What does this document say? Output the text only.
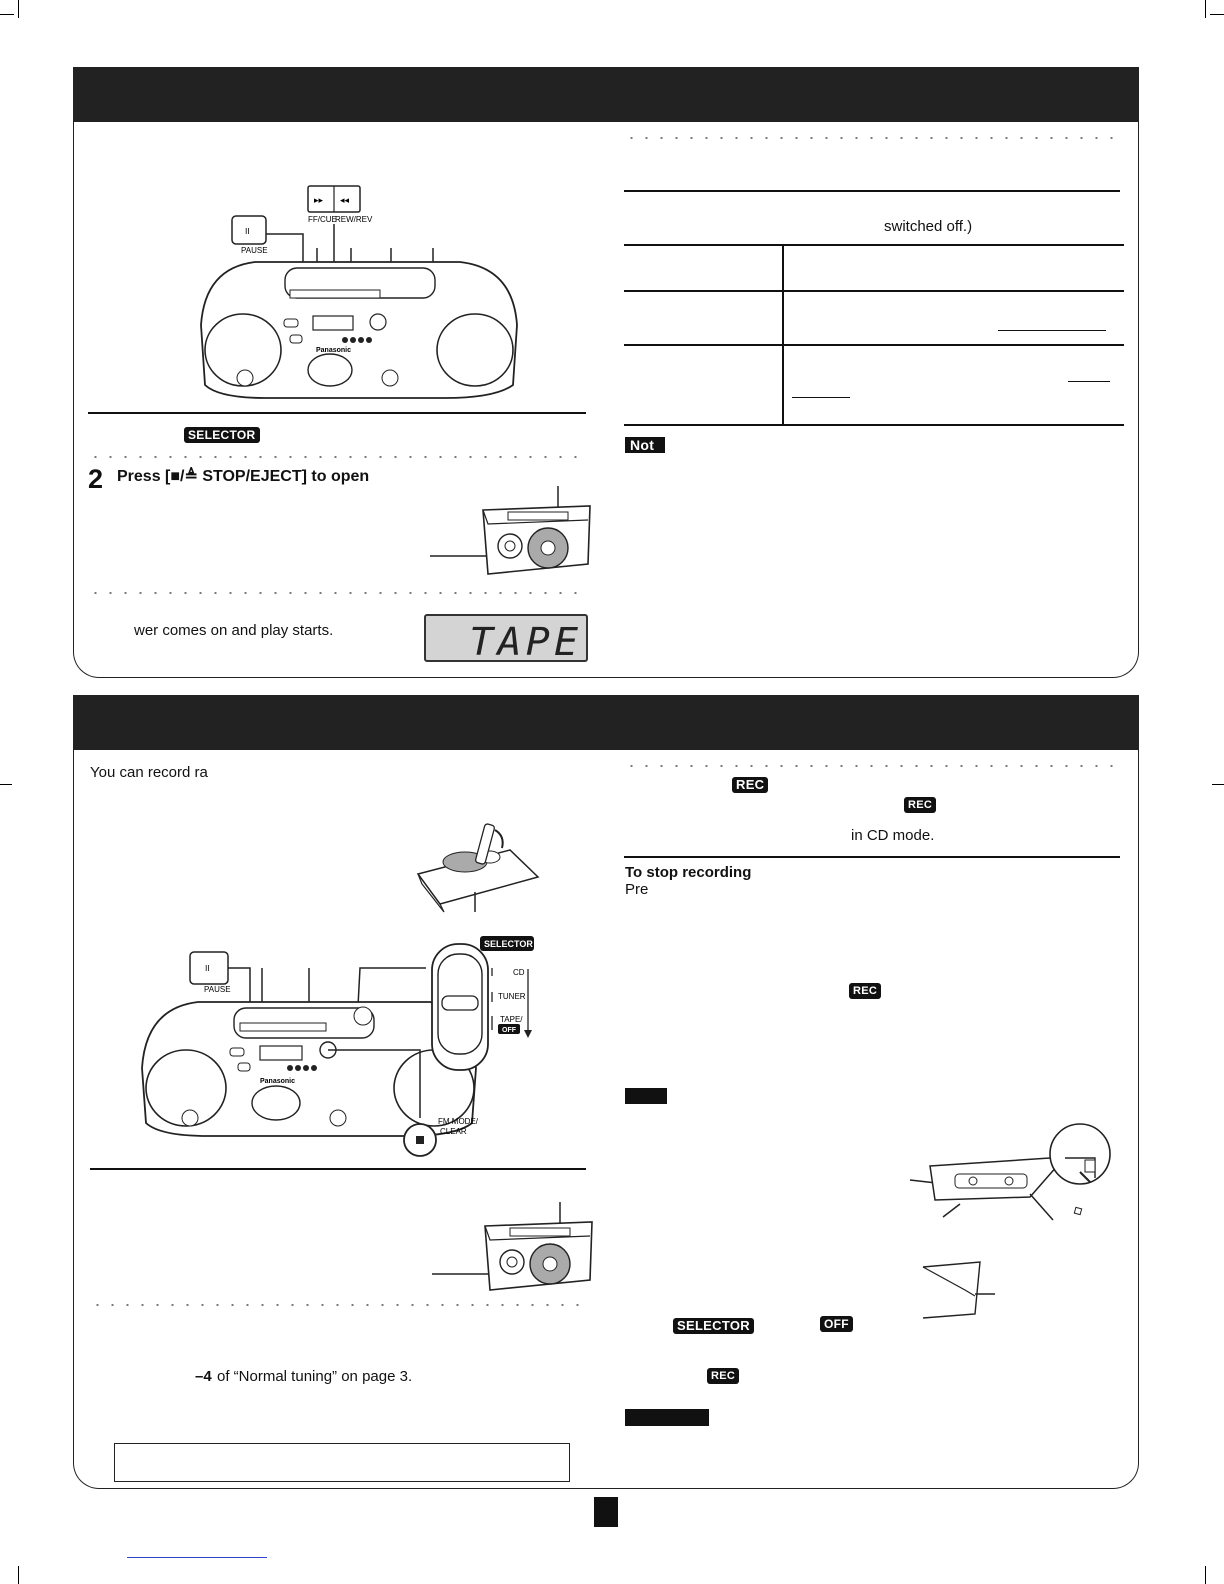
▸▸ ◂◂
FF/CUE
REW/REV
II
PAUSE
Panasonic
SELECTOR
2 Press [■/≜ STOP/EJECT] to open
wer comes on and play starts.	TAPE
switched off.)
Not
You can record ra
II
PAUSE
Panasonic
FM MODE/
CLEAR
SELECTOR
CD
TUNER
TAPE/
OFF
–4 of “Normal tuning” on page 3.
REC
REC
in CD mode.
To stop recording
Pre
REC
SELECTOR	OFF
REC
